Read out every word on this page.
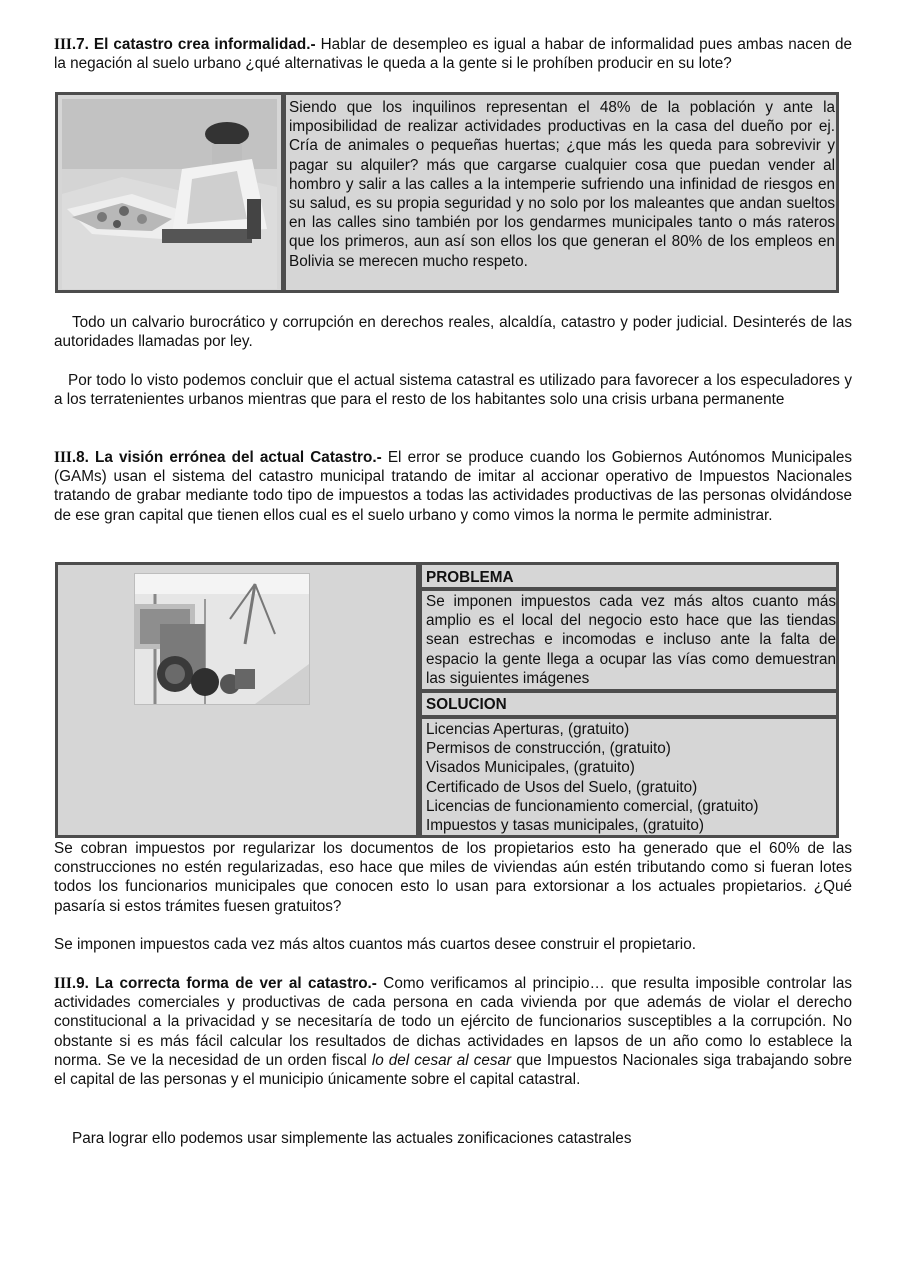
III.7. El catastro crea informalidad.- Hablar de desempleo es igual a habar de informalidad pues ambas nacen de la negación al suelo urbano ¿qué alternativas le queda a la gente si le prohíben producir en su lote?

Siendo que los inquilinos representan el 48% de la población y ante la imposibilidad de realizar actividades productivas en la casa del dueño por ej. Cría de animales o pequeñas huertas; ¿que más les queda para sobrevivir y pagar su alquiler? más que cargarse cualquier cosa que puedan vender al hombro y salir a las calles a la intemperie sufriendo una infinidad de riesgos en su salud, es su propia seguridad y no solo por los maleantes que andan sueltos en las calles sino también por los gendarmes municipales tanto o más rateros que los primeros, aun así son ellos los que generan el 80% de los empleos en Bolivia se merecen mucho respeto.

Todo un calvario burocrático y corrupción en derechos reales, alcaldía, catastro y poder judicial. Desinterés de las autoridades llamadas por ley.

Por todo lo visto podemos concluir que el actual sistema catastral es utilizado para favorecer a los especuladores y a los terratenientes urbanos mientras que para el resto de los habitantes solo una crisis urbana permanente

III.8. La visión errónea del actual Catastro.- El error se produce cuando los Gobiernos Autónomos Municipales (GAMs) usan el sistema del catastro municipal tratando de imitar al accionar operativo de Impuestos Nacionales tratando de grabar mediante todo tipo de impuestos a todas las actividades productivas de las personas olvidándose de ese gran capital que tienen ellos cual es el suelo urbano y como vimos la norma le permite administrar.

PROBLEMA
Se imponen impuestos cada vez más altos cuanto más amplio es el local del negocio esto hace que las tiendas sean estrechas e incomodas e incluso ante la falta de espacio la gente llega a ocupar las vías como demuestran las siguientes imágenes
SOLUCION
Licencias Aperturas, (gratuito)
Permisos de construcción, (gratuito)
Visados Municipales, (gratuito)
Certificado de Usos del Suelo, (gratuito)
Licencias de funcionamiento comercial, (gratuito)
Impuestos y tasas municipales, (gratuito)

Se cobran impuestos por regularizar los documentos de los propietarios esto ha generado que el 60% de las construcciones no estén regularizadas, eso hace que miles de viviendas aún estén tributando como si fueran lotes todos los funcionarios municipales que conocen esto lo usan para extorsionar a los actuales propietarios. ¿Qué pasaría si estos trámites fuesen gratuitos?

Se imponen impuestos cada vez más altos cuantos más cuartos desee construir el propietario.

III.9. La correcta forma de ver al catastro.- Como verificamos al principio… que resulta imposible controlar las actividades comerciales y productivas de cada persona en cada vivienda por que además de violar el derecho constitucional a la privacidad y se necesitaría de todo un ejército de funcionarios susceptibles a la corrupción. No obstante si es más fácil calcular los resultados de dichas actividades en lapsos de un año como lo establece la norma. Se ve la necesidad de un orden fiscal lo del cesar al cesar que Impuestos Nacionales siga trabajando sobre el capital de las personas y el municipio únicamente sobre el capital catastral.

Para lograr ello podemos usar simplemente las actuales zonificaciones catastrales
